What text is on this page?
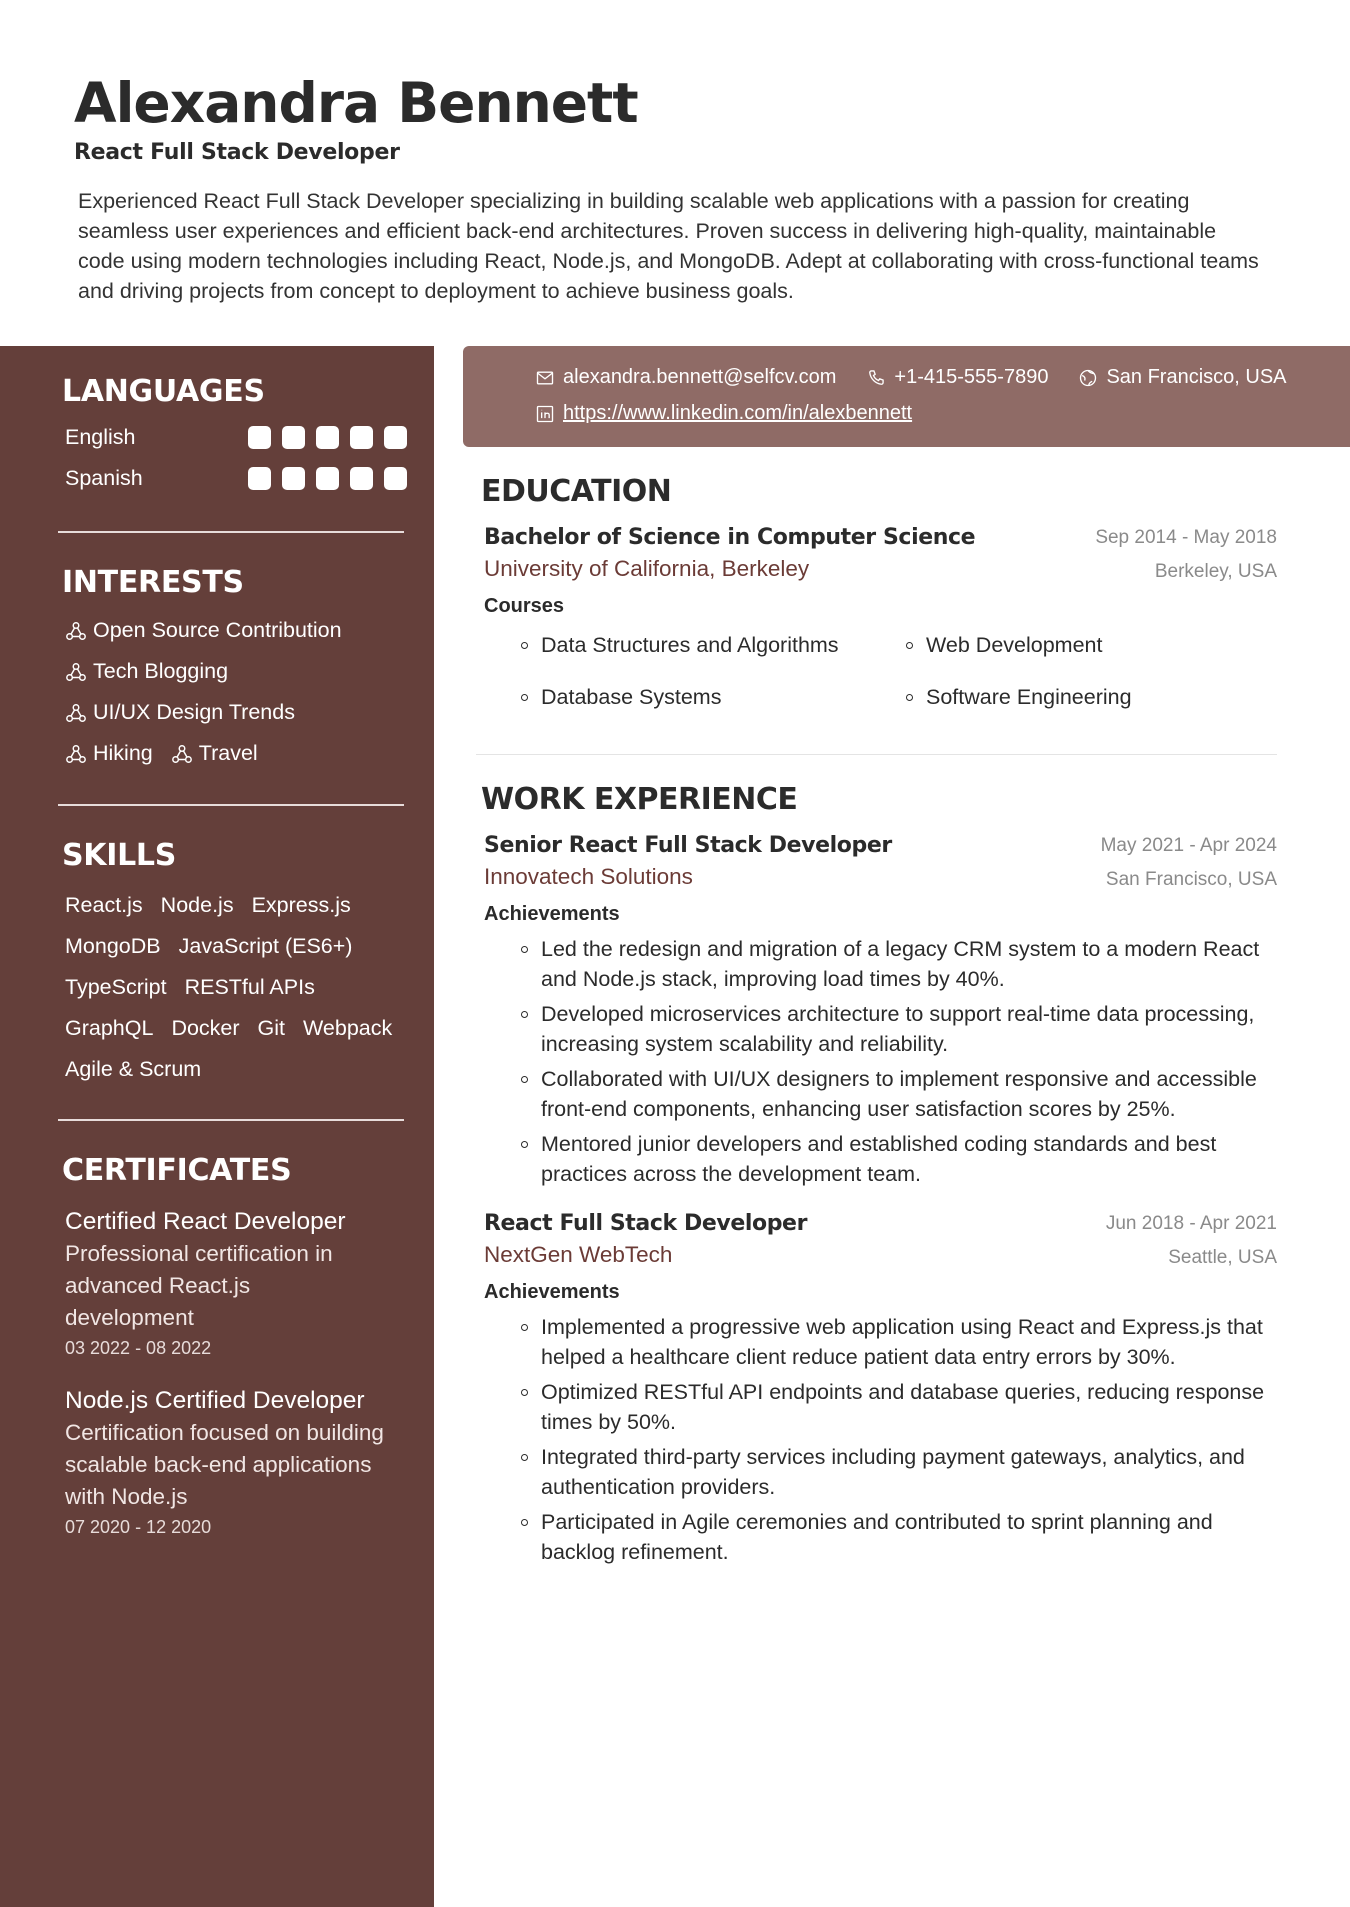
Alexandra Bennett
React Full Stack Developer
Experienced React Full Stack Developer specializing in building scalable web applications with a passion for creating seamless user experiences and efficient back-end architectures. Proven success in delivering high-quality, maintainable code using modern technologies including React, Node.js, and MongoDB. Adept at collaborating with cross-functional teams and driving projects from concept to deployment to achieve business goals.
LANGUAGES
English
Spanish
INTERESTS
Open Source Contribution
Tech Blogging
UI/UX Design Trends
Hiking Travel
SKILLS
React.js Node.js Express.js
MongoDB JavaScript (ES6+)
TypeScript RESTful APIs
GraphQL Docker Git Webpack
Agile & Scrum
CERTIFICATES
Certified React Developer
Professional certification in advanced React.js development
03 2022 - 08 2022
Node.js Certified Developer
Certification focused on building scalable back-end applications with Node.js
07 2020 - 12 2020
alexandra.bennett@selfcv.com	+1-415-555-7890	San Francisco, USA
https://www.linkedin.com/in/alexbennett
EDUCATION
Bachelor of Science in Computer Science	Sep 2014 - May 2018
University of California, Berkeley	Berkeley, USA
Courses
Data Structures and Algorithms	Web Development
Database Systems	Software Engineering
WORK EXPERIENCE
Senior React Full Stack Developer	May 2021 - Apr 2024
Innovatech Solutions	San Francisco, USA
Achievements
Led the redesign and migration of a legacy CRM system to a modern React and Node.js stack, improving load times by 40%.
Developed microservices architecture to support real-time data processing, increasing system scalability and reliability.
Collaborated with UI/UX designers to implement responsive and accessible front-end components, enhancing user satisfaction scores by 25%.
Mentored junior developers and established coding standards and best practices across the development team.
React Full Stack Developer	Jun 2018 - Apr 2021
NextGen WebTech	Seattle, USA
Achievements
Implemented a progressive web application using React and Express.js that helped a healthcare client reduce patient data entry errors by 30%.
Optimized RESTful API endpoints and database queries, reducing response times by 50%.
Integrated third-party services including payment gateways, analytics, and authentication providers.
Participated in Agile ceremonies and contributed to sprint planning and backlog refinement.
